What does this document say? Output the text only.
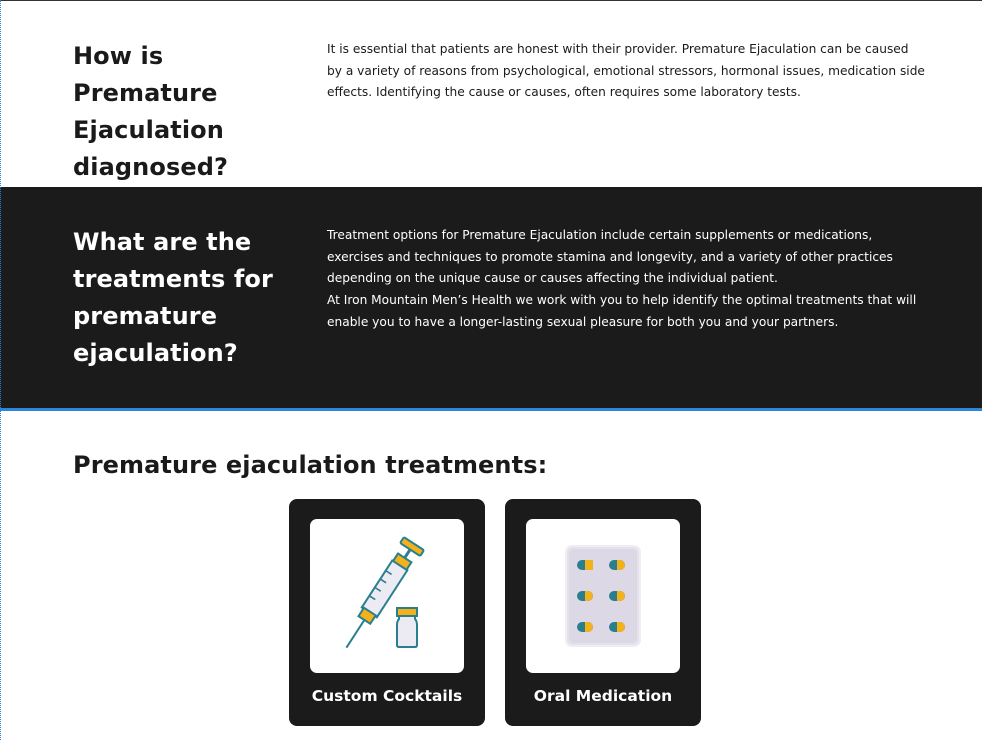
How is Premature Ejaculation diagnosed?
It is essential that patients are honest with their provider. Premature Ejaculation can be caused by a variety of reasons from psychological, emotional stressors, hormonal issues, medication side effects. Identifying the cause or causes, often requires some laboratory tests.
What are the treatments for premature ejaculation?

Treatment options for Premature Ejaculation include certain supplements or medications, exercises and techniques to promote stamina and longevity, and a variety of other practices depending on the unique cause or causes affecting the individual patient.

At Iron Mountain Men’s Health we work with you to help identify the optimal treatments that will enable you to have a longer-lasting sexual pleasure for both you and your partners.

Premature ejaculation treatments:
Custom Cocktails	Oral Medication
